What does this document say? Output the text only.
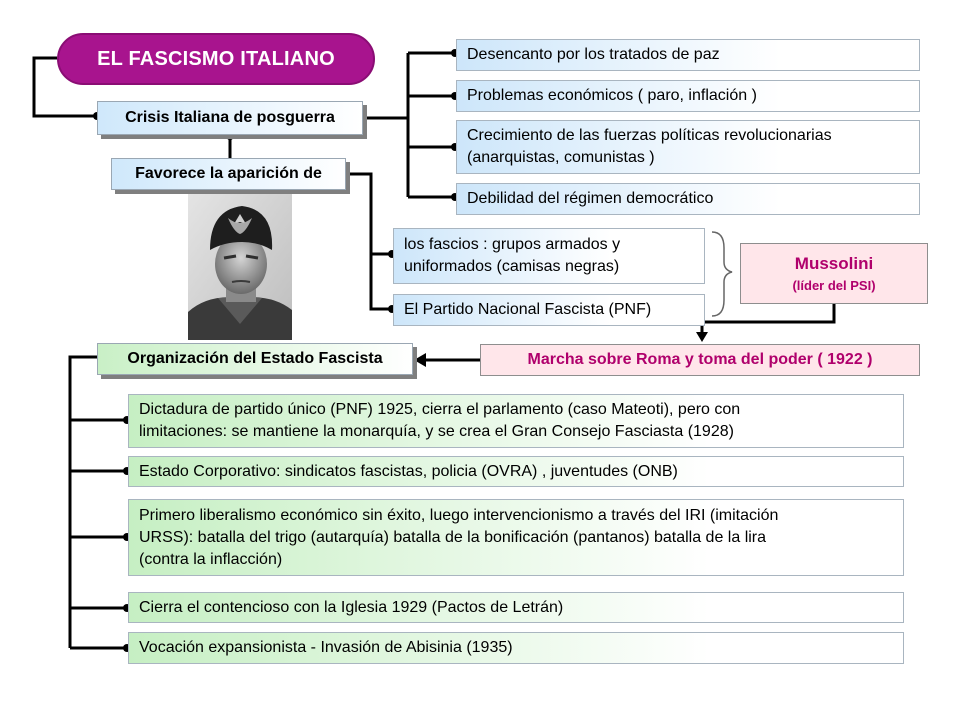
EL FASCISMO ITALIANO
Crisis Italiana de posguerra
Desencanto por los tratados de paz
Problemas económicos ( paro, inflación )
Crecimiento de las fuerzas políticas revolucionarias
(anarquistas, comunistas )
Debilidad del régimen democrático
Favorece la aparición de
los fascios : grupos armados y
uniformados (camisas negras)
El Partido Nacional Fascista (PNF)
Mussolini
(líder del PSI)
Marcha sobre Roma y toma del poder ( 1922 )
Organización del Estado Fascista
Dictadura de partido único (PNF) 1925, cierra el parlamento (caso Mateoti), pero con
limitaciones: se mantiene la monarquía, y se crea el Gran Consejo Fasciasta (1928)
Estado Corporativo: sindicatos fascistas, policia (OVRA) , juventudes (ONB)
Primero liberalismo económico sin éxito, luego intervencionismo a través del IRI (imitación
URSS): batalla del trigo (autarquía) batalla de la bonificación (pantanos) batalla de la lira
(contra la inflacción)
Cierra el contencioso con la Iglesia 1929 (Pactos de Letrán)
Vocación expansionista - Invasión de Abisinia (1935)
